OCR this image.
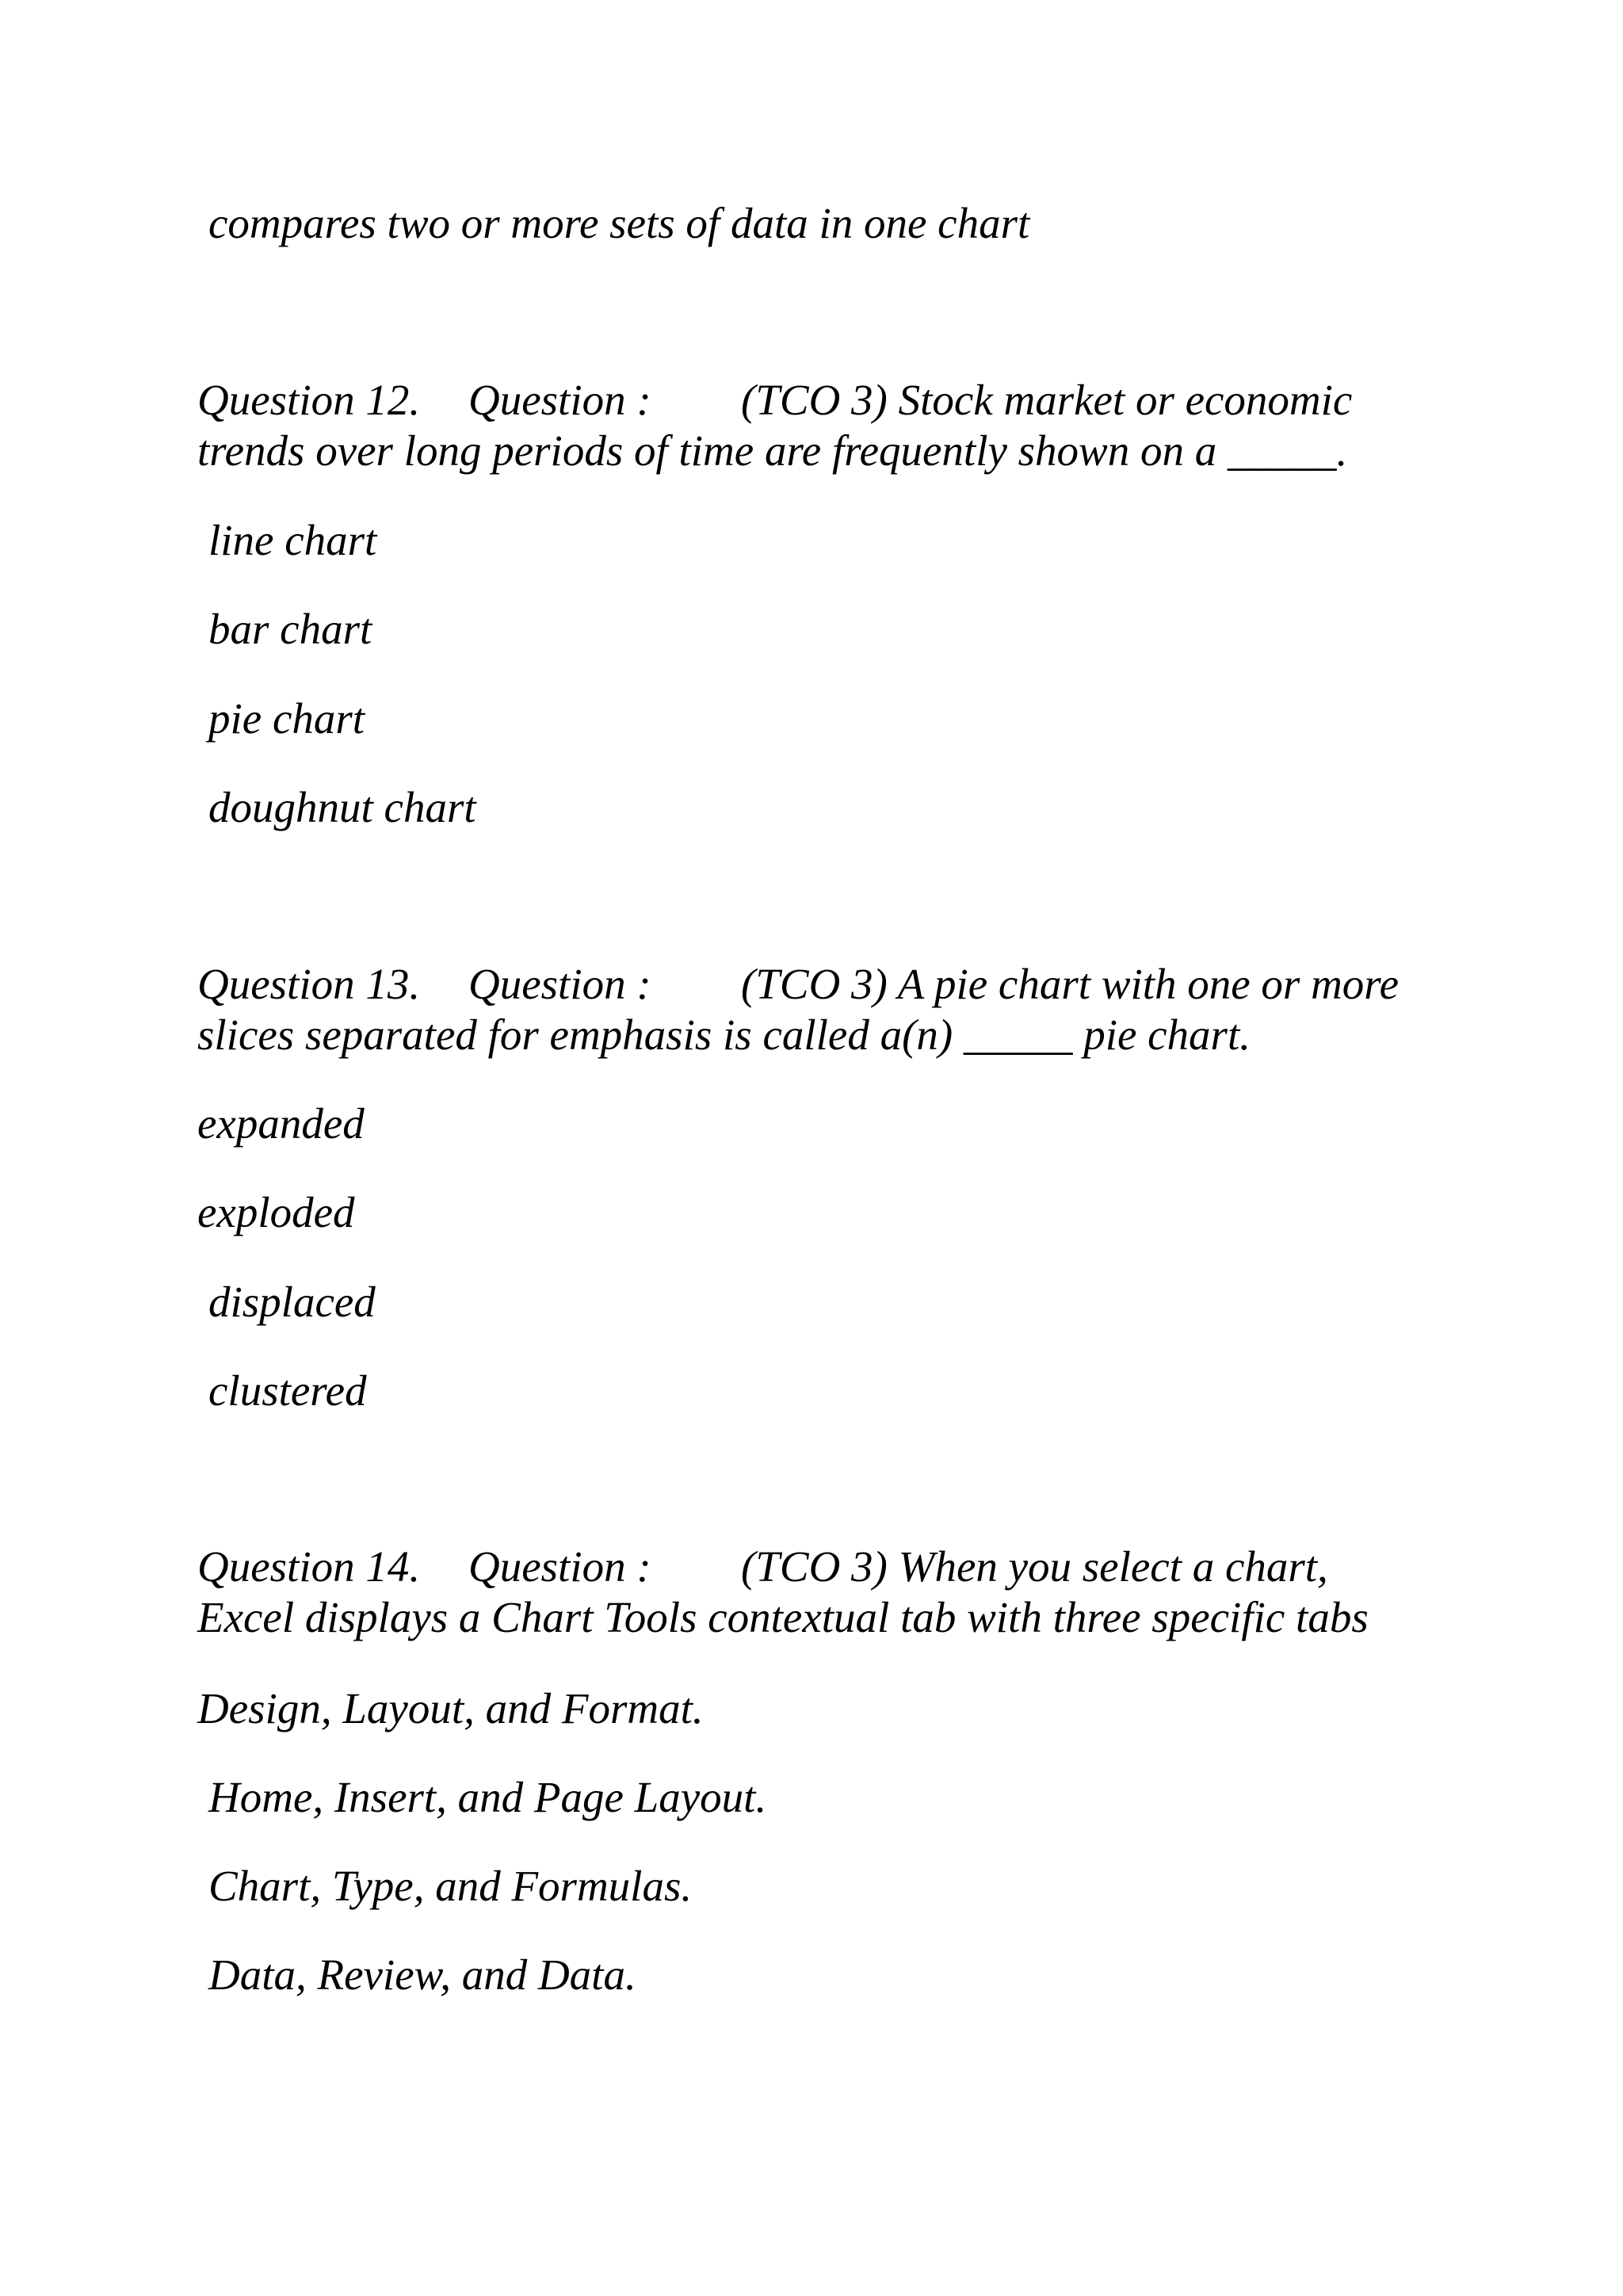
compares two or more sets of data in one chart

Question 12. Question : (TCO 3) Stock market or economic
trends over long periods of time are frequently shown on a _____.

line chart

bar chart

pie chart

doughnut chart

Question 13. Question : (TCO 3) A pie chart with one or more
slices separated for emphasis is called a(n) _____ pie chart.

expanded

exploded

displaced

clustered

Question 14. Question : (TCO 3) When you select a chart,
Excel displays a Chart Tools contextual tab with three specific tabs

Design, Layout, and Format.

Home, Insert, and Page Layout.

Chart, Type, and Formulas.

Data, Review, and Data.
